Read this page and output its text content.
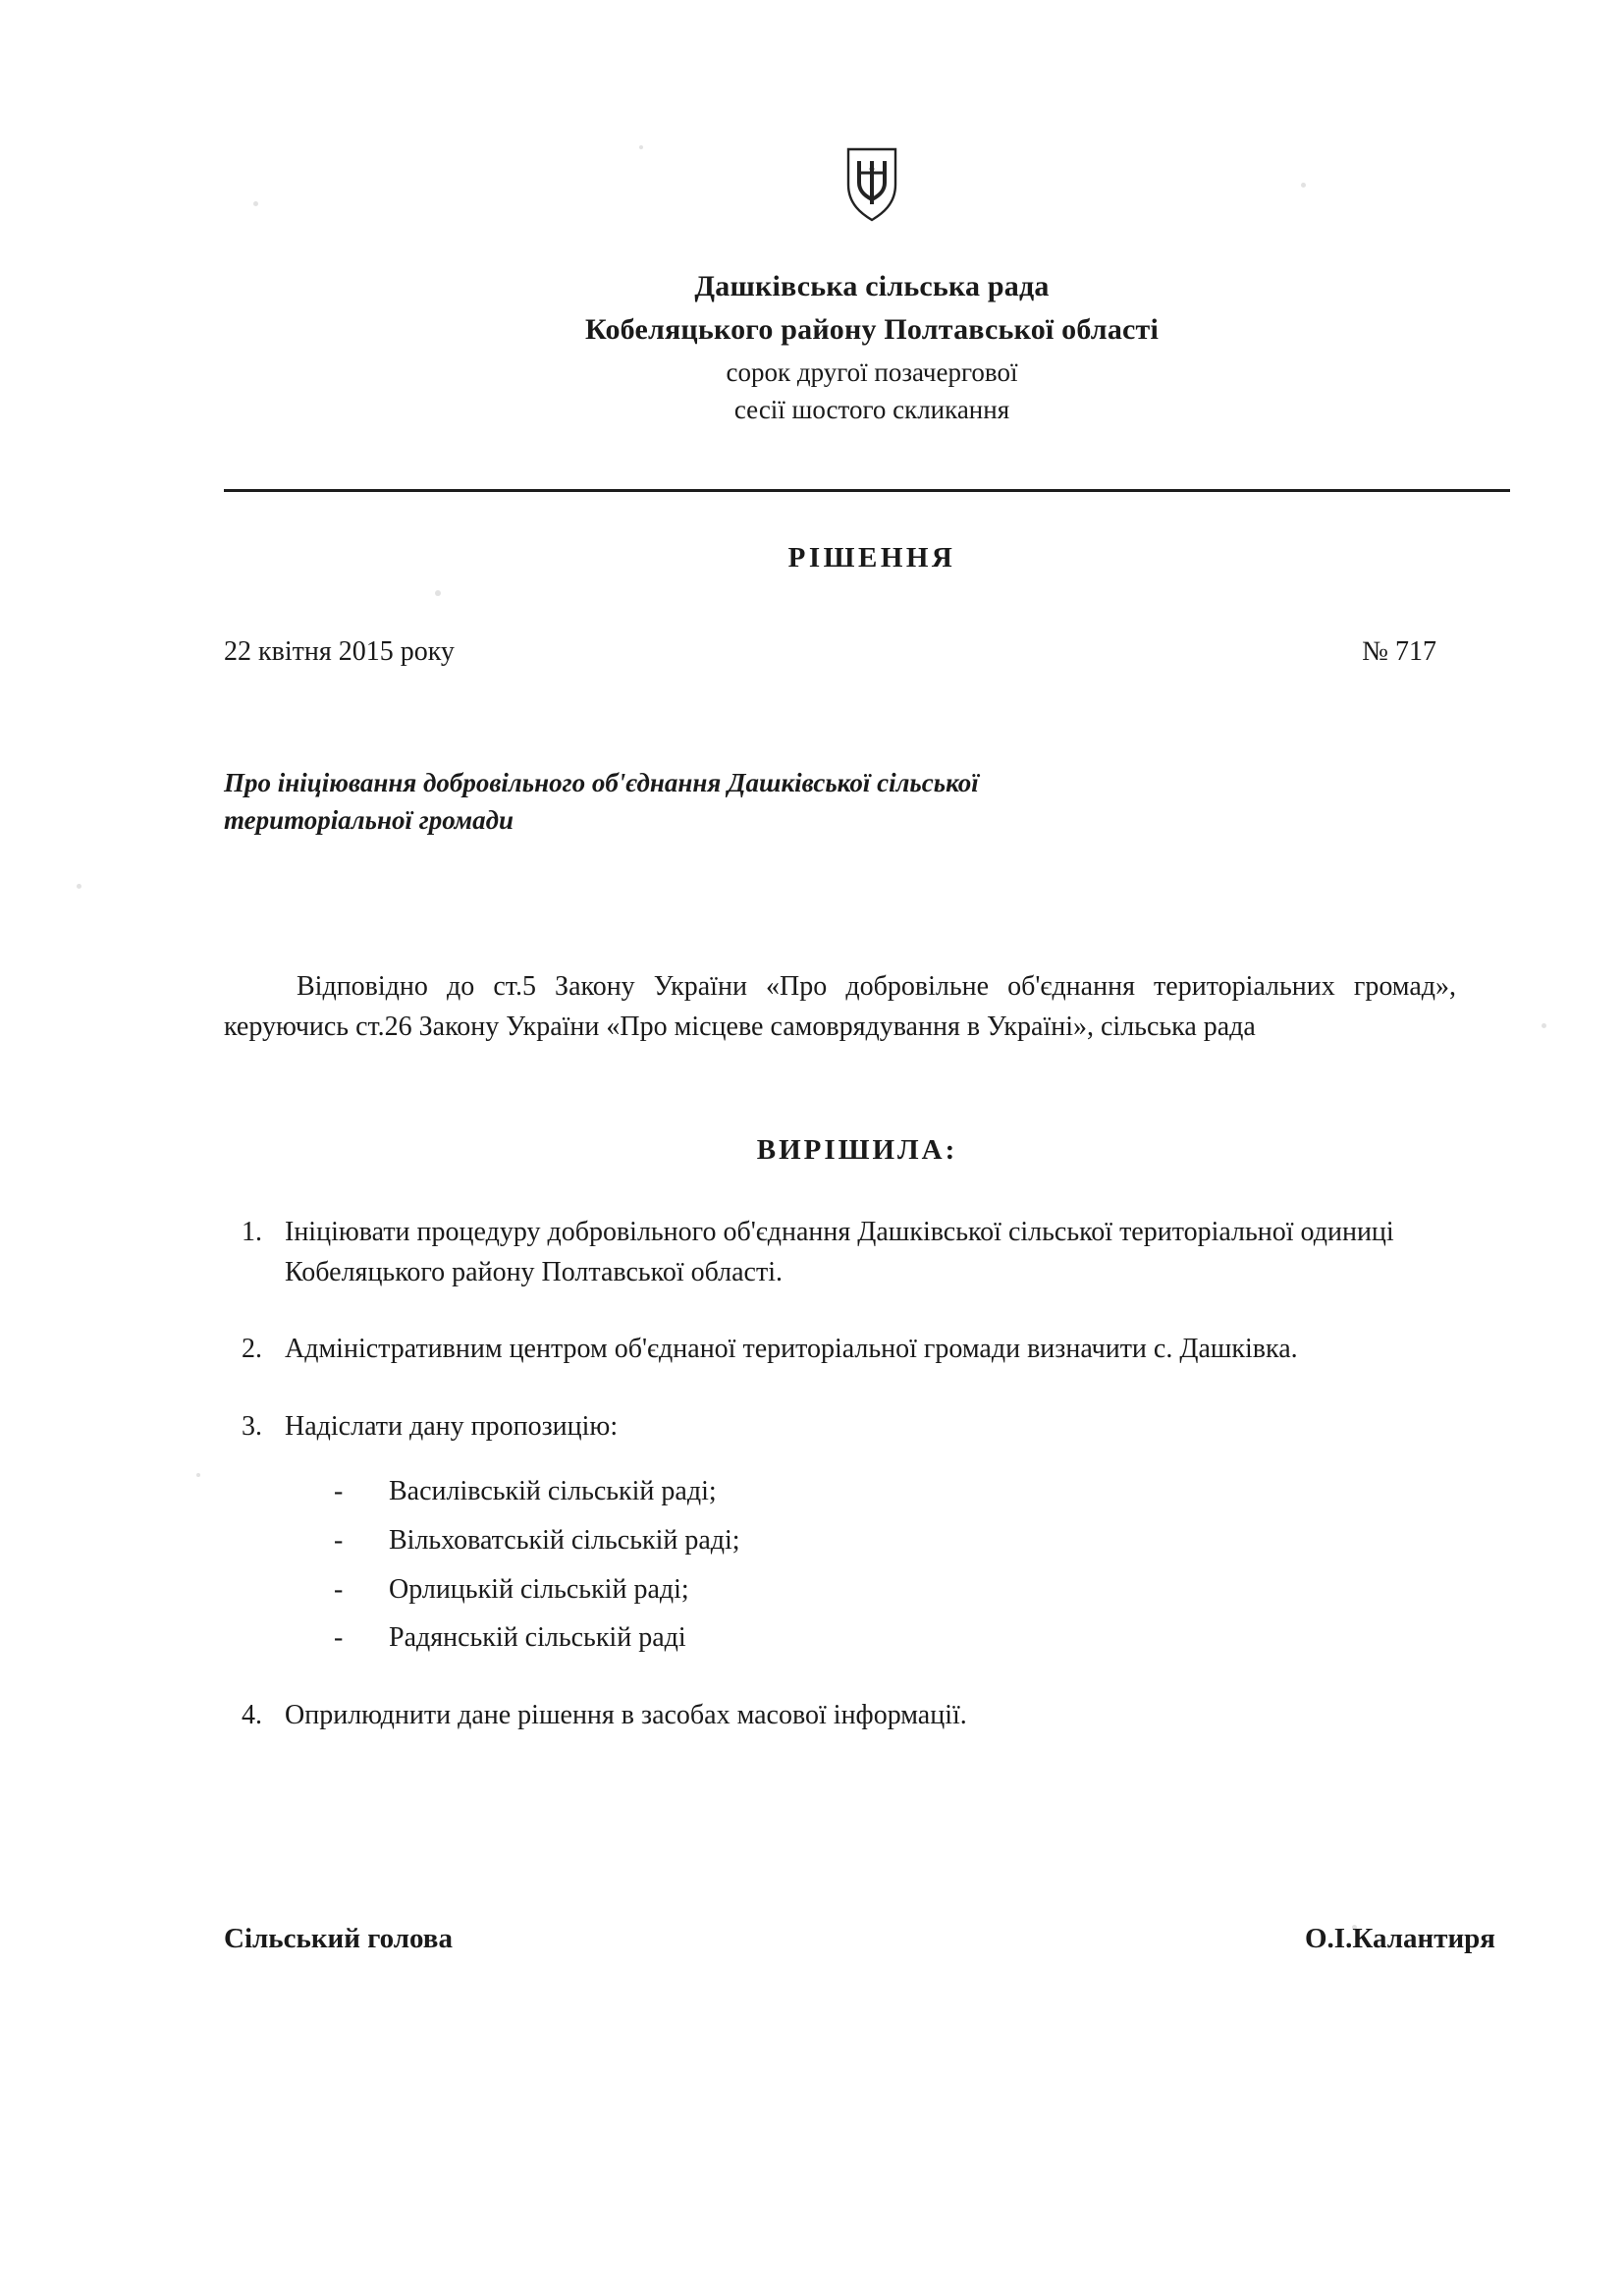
Дашківська сільська рада
Кобеляцького району Полтавської області
сорок другої позачергової
сесії шостого скликання
РІШЕННЯ
22 квітня 2015 року	№ 717
Про ініціювання добровільного об'єднання Дашківської сільської територіальної громади
Відповідно до ст.5 Закону України «Про добровільне об'єднання територіальних громад», керуючись ст.26 Закону України «Про місцеве самоврядування в Україні», сільська рада
ВИРІШИЛА:
1. Ініціювати процедуру добровільного об'єднання Дашківської сільської територіальної одиниці Кобеляцького району Полтавської області.
2. Адміністративним центром об'єднаної територіальної громади визначити с. Дашківка.
3. Надіслати дану пропозицію:
- Василівській сільській раді;
- Вільховатській сільській раді;
- Орлицькій сільській раді;
- Радянській сільській раді
4. Оприлюднити дане рішення в засобах масової інформації.
Сільський голова	О.І.Калантиря
